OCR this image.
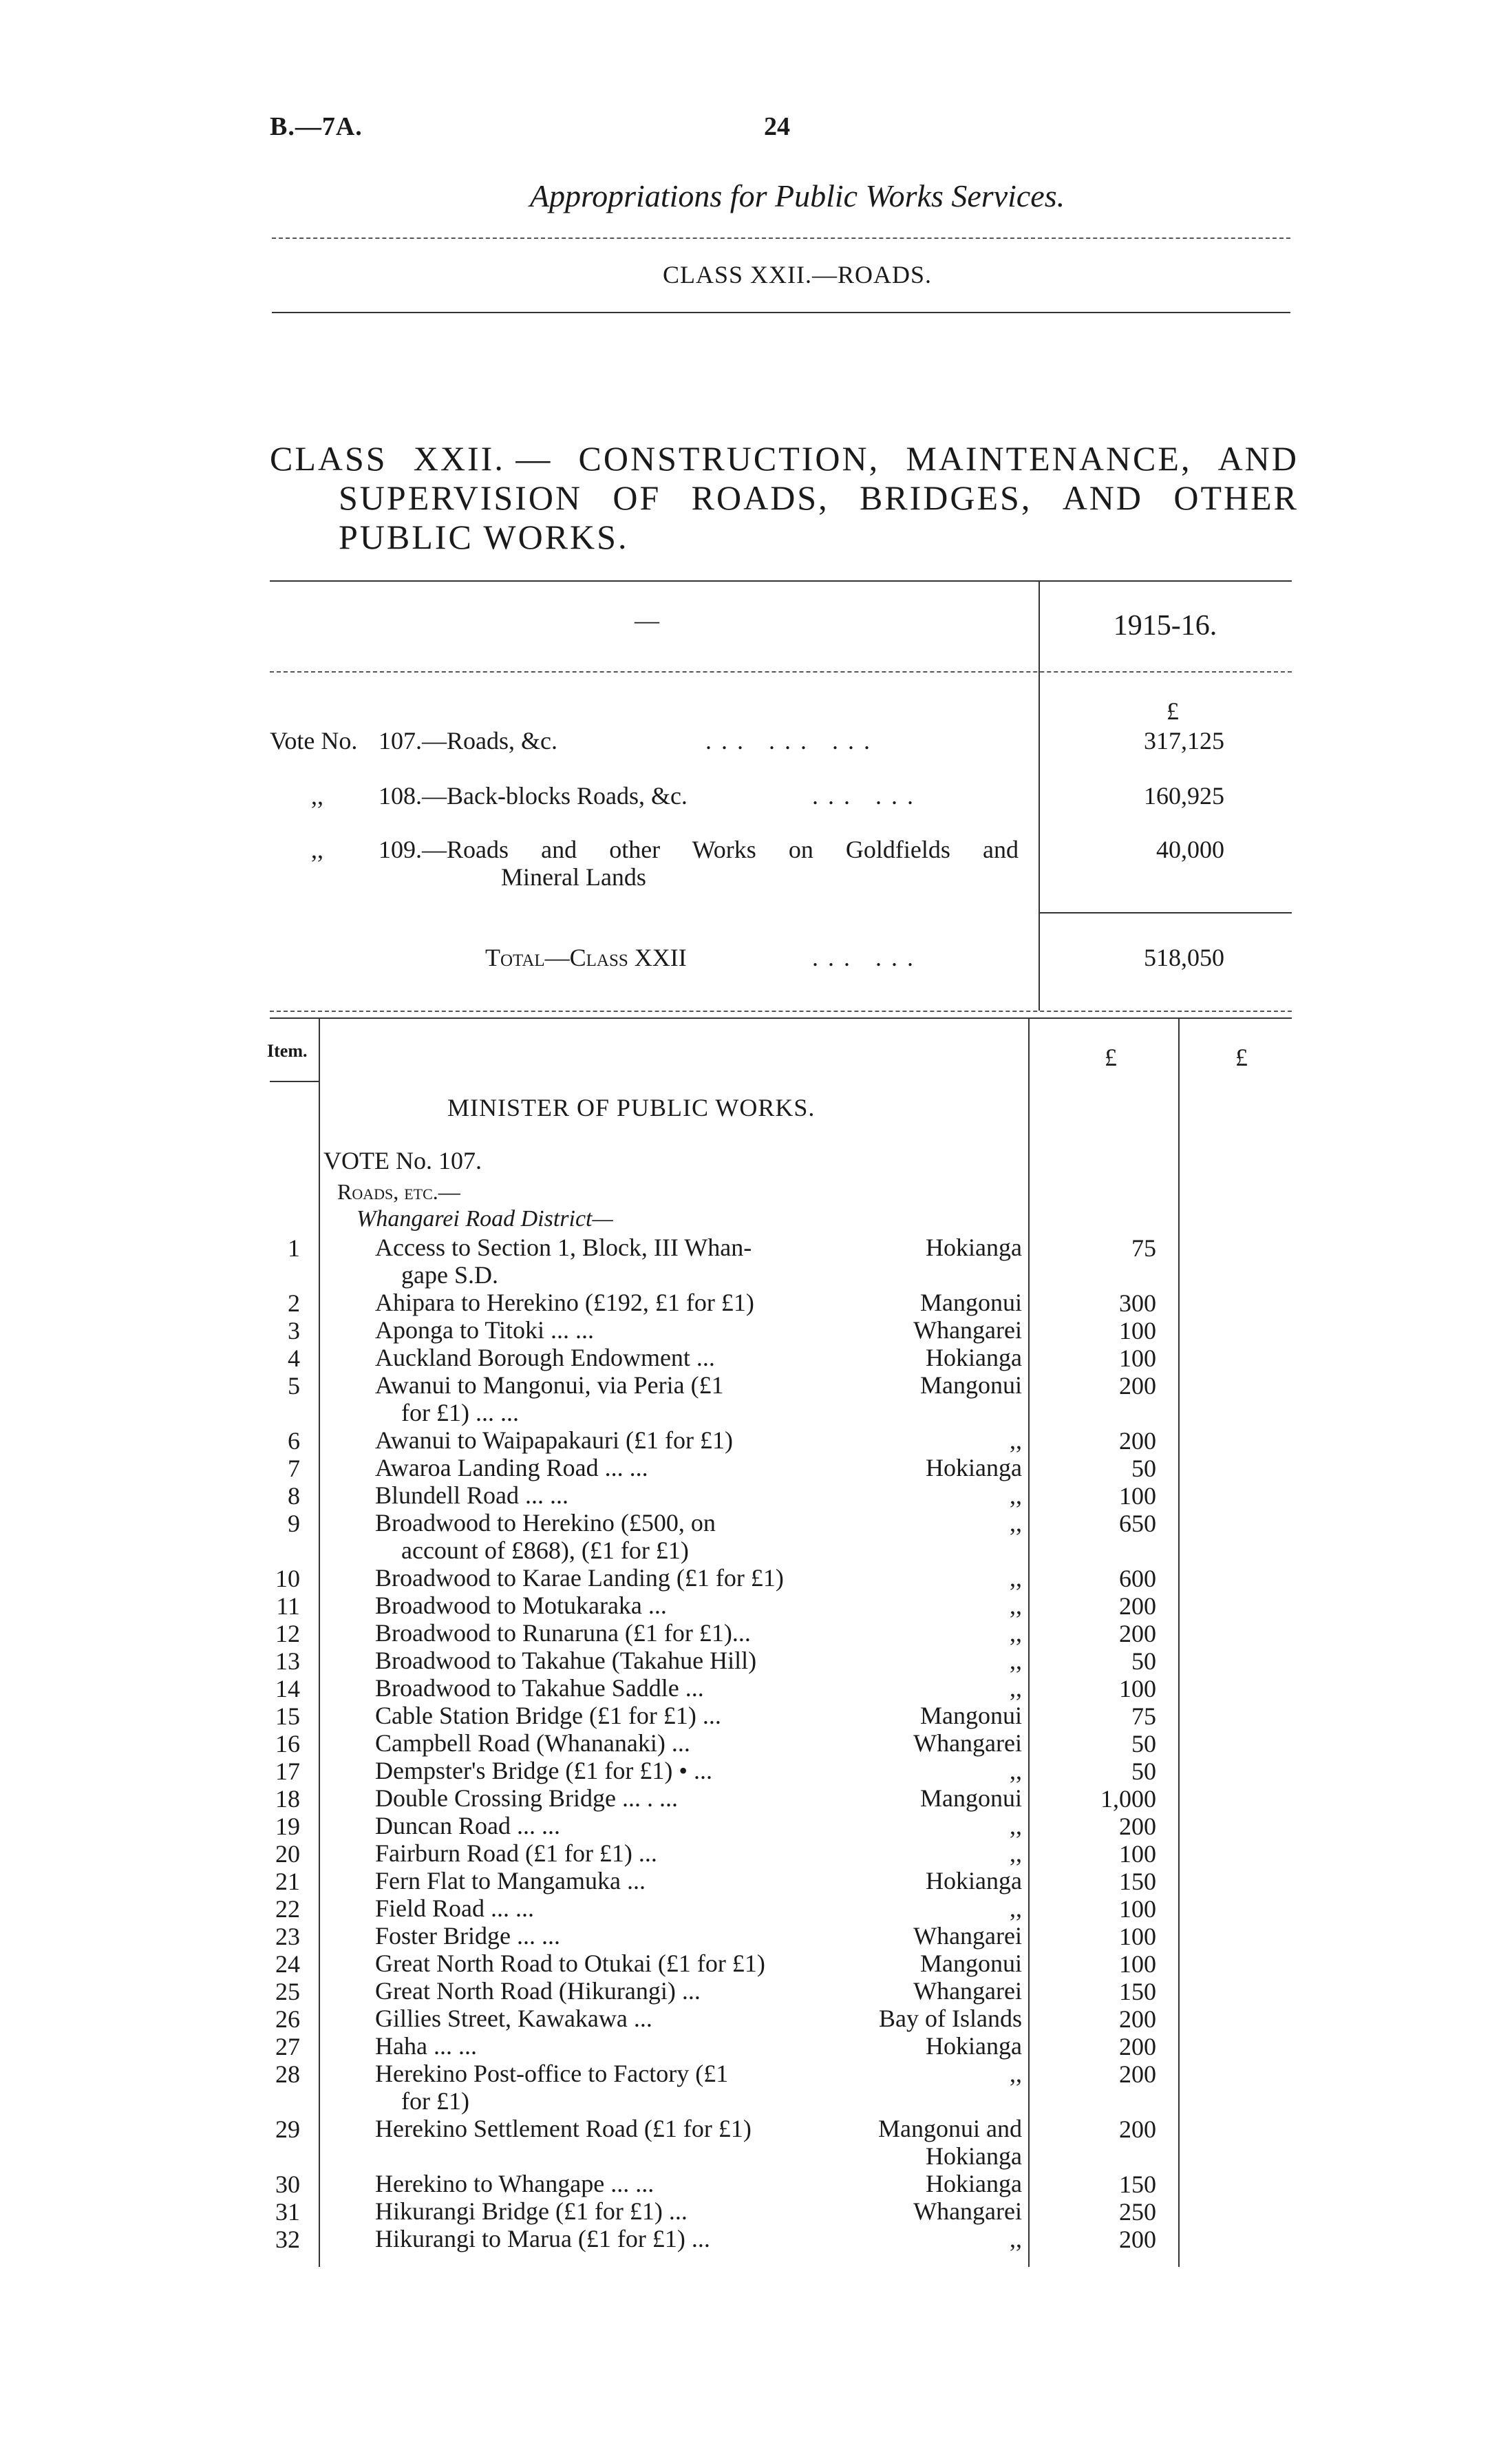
B.—7A.	24
Appropriations for Public Works Services.
CLASS XXII.—ROADS.
CLASS XXII. — CONSTRUCTION, MAINTENANCE, AND
SUPERVISION OF ROADS, BRIDGES, AND OTHER
PUBLIC WORKS.
—	1915-16.
£
Vote No. 107.—Roads, &c.	... ... ...	317,125
,, 108.—Back-blocks Roads, &c.	... ...	160,925
,, 109.—Roads and other Works on Goldfields and
Mineral Lands
40,000
Total—Class XXII	... ...	518,050
Item.	£	£
MINISTER OF PUBLIC WORKS.
VOTE No. 107.
Roads, etc.—
Whangarei Road District—
1	Access to Section 1, Block, III Whan-
gape S.D.
Hokianga	75
2	Ahipara to Herekino (£192, £1 for £1)	Mangonui	300
3	Aponga to Titoki ... ...	Whangarei	100
4	Auckland Borough Endowment ...	Hokianga	100
5	Awanui to Mangonui, via Peria (£1
for £1) ... ...
Mangonui	200
6	Awanui to Waipapakauri (£1 for £1)	,,	200
7	Awaroa Landing Road ... ...	Hokianga	50
8	Blundell Road ... ...	,,	100
9	Broadwood to Herekino (£500, on
account of £868), (£1 for £1)
,,	650
10	Broadwood to Karae Landing (£1 for £1)	,,	600
11	Broadwood to Motukaraka ...	,,	200
12	Broadwood to Runaruna (£1 for £1)...	,,	200
13	Broadwood to Takahue (Takahue Hill)	,,	50
14	Broadwood to Takahue Saddle ...	,,	100
15	Cable Station Bridge (£1 for £1) ...	Mangonui	75
16	Campbell Road (Whananaki) ...	Whangarei	50
17	Dempster's Bridge (£1 for £1) • ...	,,	50
18	Double Crossing Bridge ... . ...	Mangonui	1,000
19	Duncan Road ... ...	,,	200
20	Fairburn Road (£1 for £1) ...	,,	100
21	Fern Flat to Mangamuka ...	Hokianga	150
22	Field Road ... ...	,,	100
23	Foster Bridge ... ...	Whangarei	100
24	Great North Road to Otukai (£1 for £1)	Mangonui	100
25	Great North Road (Hikurangi) ...	Whangarei	150
26	Gillies Street, Kawakawa ...	Bay of Islands	200
27	Haha ... ...	Hokianga	200
28	Herekino Post-office to Factory (£1
for £1)
,,	200
29	Herekino Settlement Road (£1 for £1)	Mangonui and
Hokianga
200
30	Herekino to Whangape ... ...	Hokianga	150
31	Hikurangi Bridge (£1 for £1) ...	Whangarei	250
32	Hikurangi to Marua (£1 for £1) ...	,,	200
